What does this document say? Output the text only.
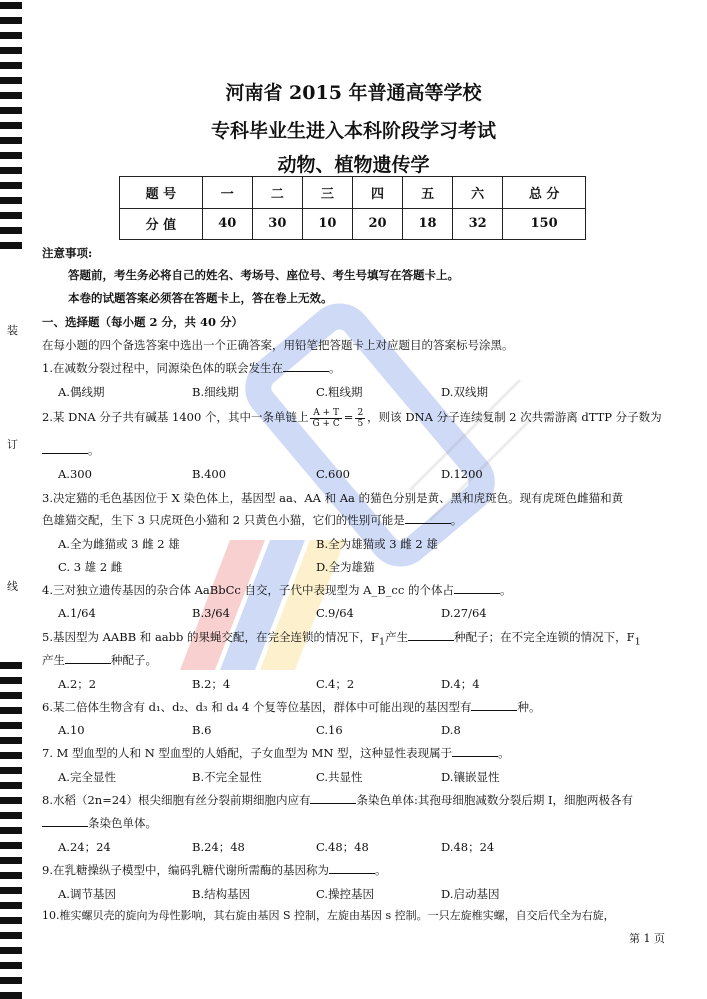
装
订
线
河南省 2015 年普通高等学校
专科毕业生进入本科阶段学习考试
动物、植物遗传学
题 号	一	二	三	四	五	六	总 分
分 值	40	30	10	20	18	32	150
注意事项:
答题前，考生务必将自己的姓名、考场号、座位号、考生号填写在答题卡上。
本卷的试题答案必须答在答题卡上，答在卷上无效。
一、选择题（每小题 2 分，共 40 分）
在每小题的四个备选答案中选出一个正确答案，用铅笔把答题卡上对应题目的答案标号涂黑。
1.在减数分裂过程中，同源染色体的联会发生在	。
A.偶线期	B.细线期	C.粗线期	D.双线期
2.某 DNA 分子共有碱基 1400 个，其中一条单链上 $\frac{A + T}{G + C} = \frac{2}{5}$ ，则该 DNA 分子连续复制 2 次共需游离 dTTP 分子数为
。
A.300	B.400	C.600	D.1200
3.决定猫的毛色基因位于 X 染色体上，基因型 aa、AA 和 Aa 的猫色分别是黄、黑和虎斑色。现有虎斑色雌猫和黄
色雄猫交配，生下 3 只虎斑色小猫和 2 只黄色小猫，它们的性别可能是	。
A.全为雌猫或 3 雌 2 雄	B.全为雄猫或 3 雌 2 雄
C. 3 雄 2 雌	D.全为雄猫
4.三对独立遗传基因的杂合体 AaBbCc 自交，子代中表现型为 A_B_cc 的个体占	。
A.1/64	B.3/64	C.9/64	D.27/64
5.基因型为 AABB 和 aabb 的果蝇交配，在完全连锁的情况下，$F_1$产生	种配子；在不完全连锁的情况下，$F_1$
产生	种配子。
A.2；2	B.2；4	C.4；2	D.4；4
6.某二倍体生物含有 d₁、d₂、d₃ 和 d₄ 4 个复等位基因，群体中可能出现的基因型有	种。
A.10	B.6	C.16	D.8
7. M 型血型的人和 N 型血型的人婚配，子女血型为 MN 型，这种显性表现属于	。
A.完全显性	B.不完全显性	C.共显性	D.镶嵌显性
8.水稻（2n=24）根尖细胞有丝分裂前期细胞内应有	条染色单体:其孢母细胞减数分裂后期 I，细胞两极各有
条染色单体。
A.24；24	B.24；48	C.48；48	D.48；24
9.在乳糖操纵子模型中，编码乳糖代谢所需酶的基因称为	。
A.调节基因	B.结构基因	C.操控基因	D.启动基因
10.椎实螺贝壳的旋向为母性影响，其右旋由基因 S 控制，左旋由基因 s 控制。一只左旋椎实螺，自交后代全为右旋，
第 1 页
